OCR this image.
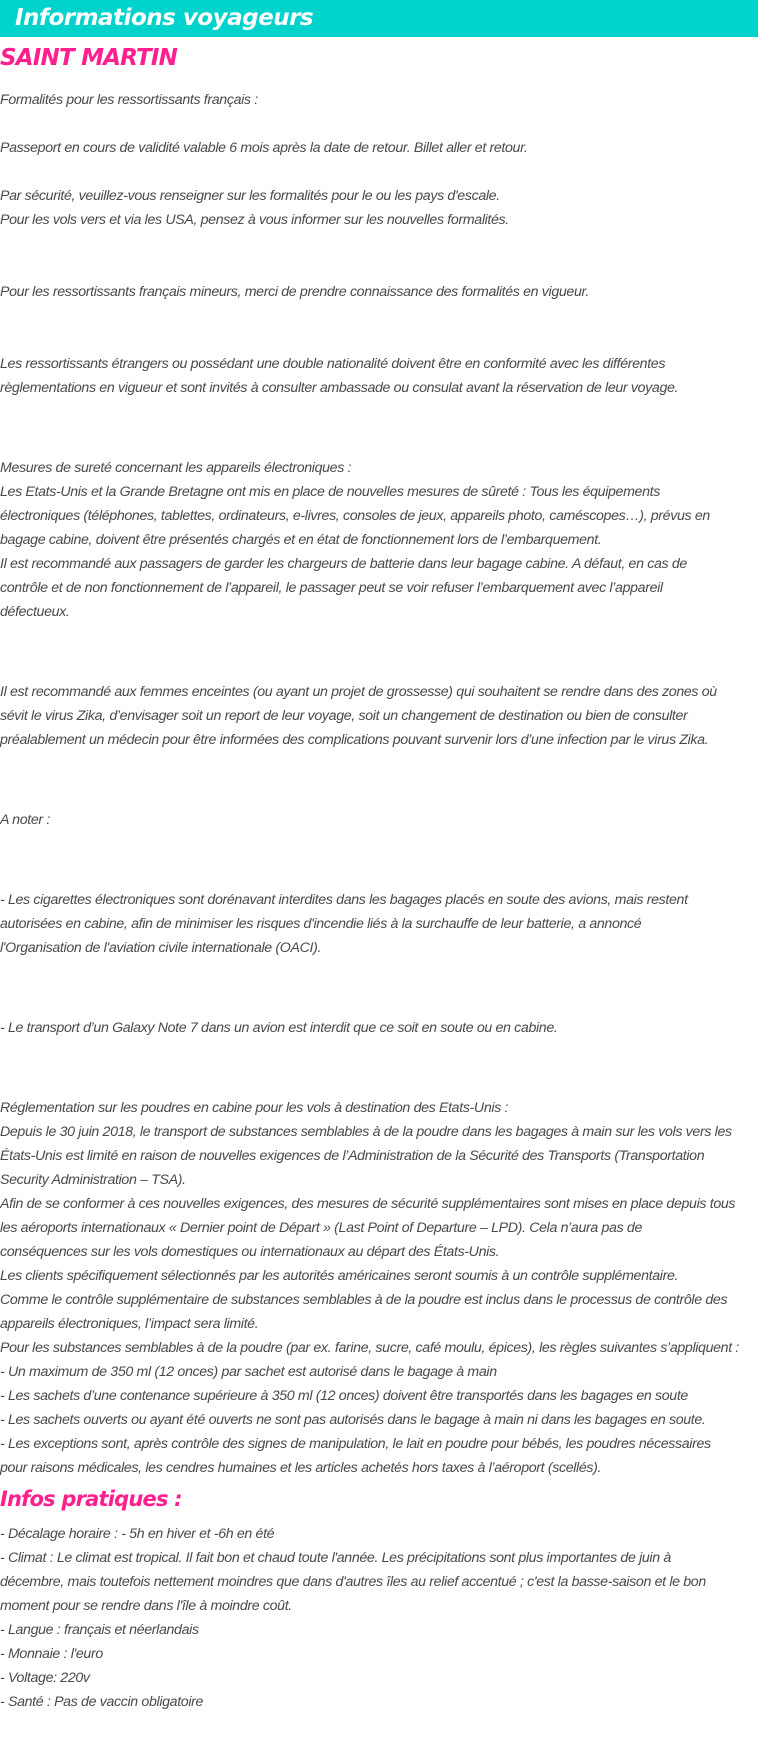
Informations voyageurs
SAINT MARTIN

Formalités pour les ressortissants français :

Passeport en cours de validité valable 6 mois après la date de retour. Billet aller et retour.

Par sécurité, veuillez-vous renseigner sur les formalités pour le ou les pays d'escale.

Pour les vols vers et via les USA, pensez à vous informer sur les nouvelles formalités.

Pour les ressortissants français mineurs, merci de prendre connaissance des formalités en vigueur.

Les ressortissants étrangers ou possédant une double nationalité doivent être en conformité avec les différentes

règlementations en vigueur et sont invités à consulter ambassade ou consulat avant la réservation de leur voyage.

Mesures de sureté concernant les appareils électroniques :

Les Etats-Unis et la Grande Bretagne ont mis en place de nouvelles mesures de sûreté : Tous les équipements

électroniques (téléphones, tablettes, ordinateurs, e-livres, consoles de jeux, appareils photo, caméscopes…), prévus en

bagage cabine, doivent être présentés chargés et en état de fonctionnement lors de l’embarquement.

Il est recommandé aux passagers de garder les chargeurs de batterie dans leur bagage cabine. A défaut, en cas de

contrôle et de non fonctionnement de l’appareil, le passager peut se voir refuser l’embarquement avec l’appareil

défectueux.

Il est recommandé aux femmes enceintes (ou ayant un projet de grossesse) qui souhaitent se rendre dans des zones où

sévit le virus Zika, d’envisager soit un report de leur voyage, soit un changement de destination ou bien de consulter

préalablement un médecin pour être informées des complications pouvant survenir lors d’une infection par le virus Zika.

A noter :

- Les cigarettes électroniques sont dorénavant interdites dans les bagages placés en soute des avions, mais restent

autorisées en cabine, afin de minimiser les risques d'incendie liés à la surchauffe de leur batterie, a annoncé

l'Organisation de l'aviation civile internationale (OACI).

- Le transport d’un Galaxy Note 7 dans un avion est interdit que ce soit en soute ou en cabine.

Réglementation sur les poudres en cabine pour les vols à destination des Etats-Unis :

Depuis le 30 juin 2018, le transport de substances semblables à de la poudre dans les bagages à main sur les vols vers les

États-Unis est limité en raison de nouvelles exigences de l’Administration de la Sécurité des Transports (Transportation

Security Administration – TSA).

Afin de se conformer à ces nouvelles exigences, des mesures de sécurité supplémentaires sont mises en place depuis tous

les aéroports internationaux « Dernier point de Départ » (Last Point of Departure – LPD). Cela n’aura pas de

conséquences sur les vols domestiques ou internationaux au départ des États-Unis.

Les clients spécifiquement sélectionnés par les autorités américaines seront soumis à un contrôle supplémentaire.

Comme le contrôle supplémentaire de substances semblables à de la poudre est inclus dans le processus de contrôle des

appareils électroniques, l’impact sera limité.

Pour les substances semblables à de la poudre (par ex. farine, sucre, café moulu, épices), les règles suivantes s’appliquent :

- Un maximum de 350 ml (12 onces) par sachet est autorisé dans le bagage à main

- Les sachets d’une contenance supérieure à 350 ml (12 onces) doivent être transportés dans les bagages en soute

- Les sachets ouverts ou ayant été ouverts ne sont pas autorisés dans le bagage à main ni dans les bagages en soute.

- Les exceptions sont, après contrôle des signes de manipulation, le lait en poudre pour bébés, les poudres nécessaires

pour raisons médicales, les cendres humaines et les articles achetés hors taxes à l’aéroport (scellés).

Infos pratiques :

- Décalage horaire : - 5h en hiver et -6h en été

- Climat : Le climat est tropical. Il fait bon et chaud toute l'année. Les précipitations sont plus importantes de juin à

décembre, mais toutefois nettement moindres que dans d'autres îles au relief accentué ; c'est la basse-saison et le bon

moment pour se rendre dans l'île à moindre coût.

- Langue : français et néerlandais

- Monnaie : l'euro

- Voltage: 220v

- Santé : Pas de vaccin obligatoire
